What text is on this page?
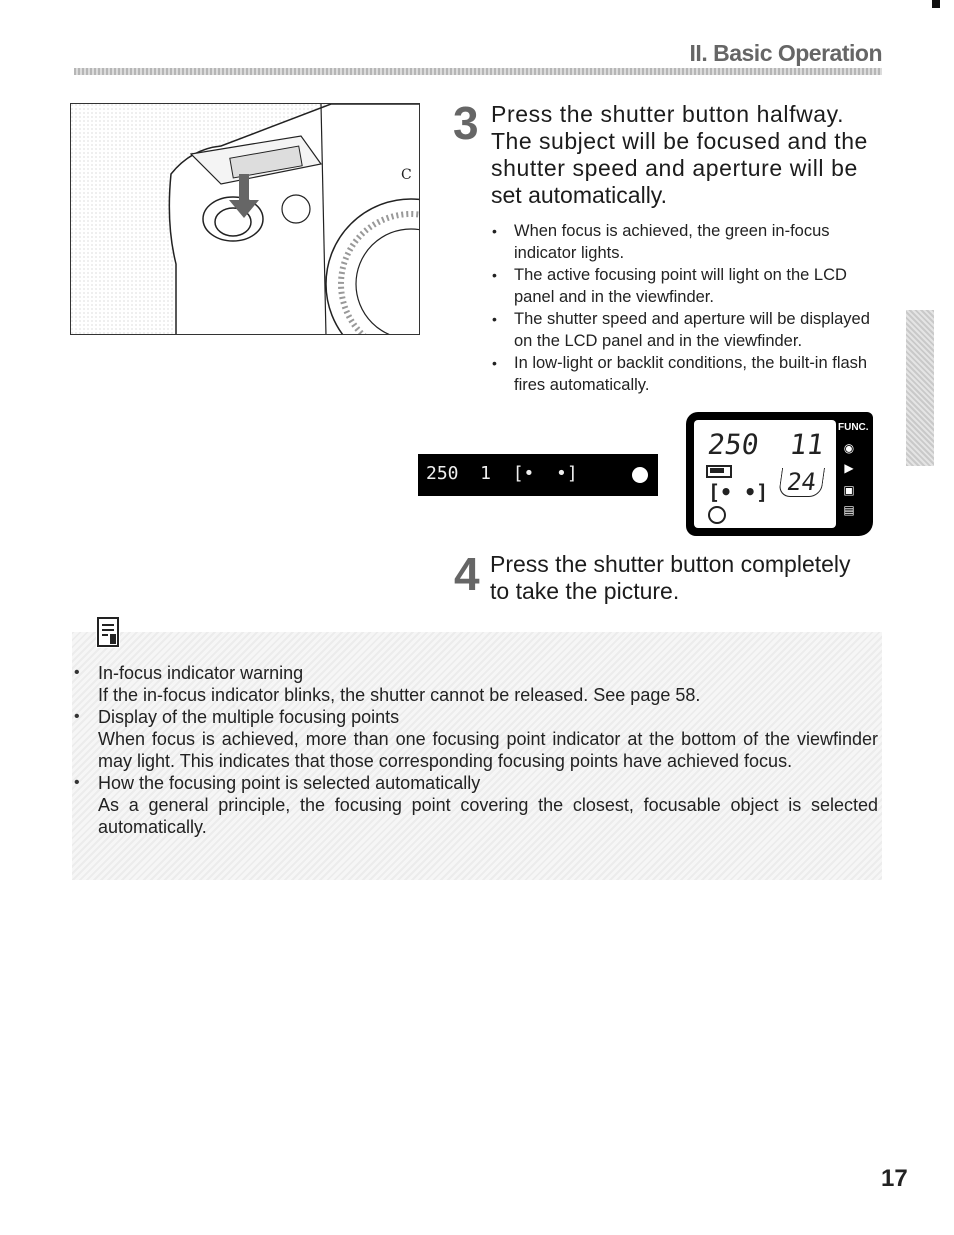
II. Basic Operation
C
3 Press the shutter button halfway.
The subject will be focused and the
shutter speed and aperture will be
set automatically.
• When focus is achieved, the green in-focus indicator lights.
• The active focusing point will light on the LCD panel and in the viewfinder.
• The shutter speed and aperture will be displayed on the LCD panel and in the viewfinder.
• In low-light or backlit conditions, the built-in flash fires automatically.
250  1  [•  •]
250 11
[• •] 24
FUNC.
◉
▶
▣
▤
4 Press the shutter button completely
to take the picture.
• In-focus indicator warning
If the in-focus indicator blinks, the shutter cannot be released. See page 58.
• Display of the multiple focusing points
When focus is achieved, more than one focusing point indicator at the bottom of the viewfinder may light. This indicates that those corresponding focusing points have achieved focus.
• How the focusing point is selected automatically
As a general principle, the focusing point covering the closest, focusable object is selected automatically.
17
